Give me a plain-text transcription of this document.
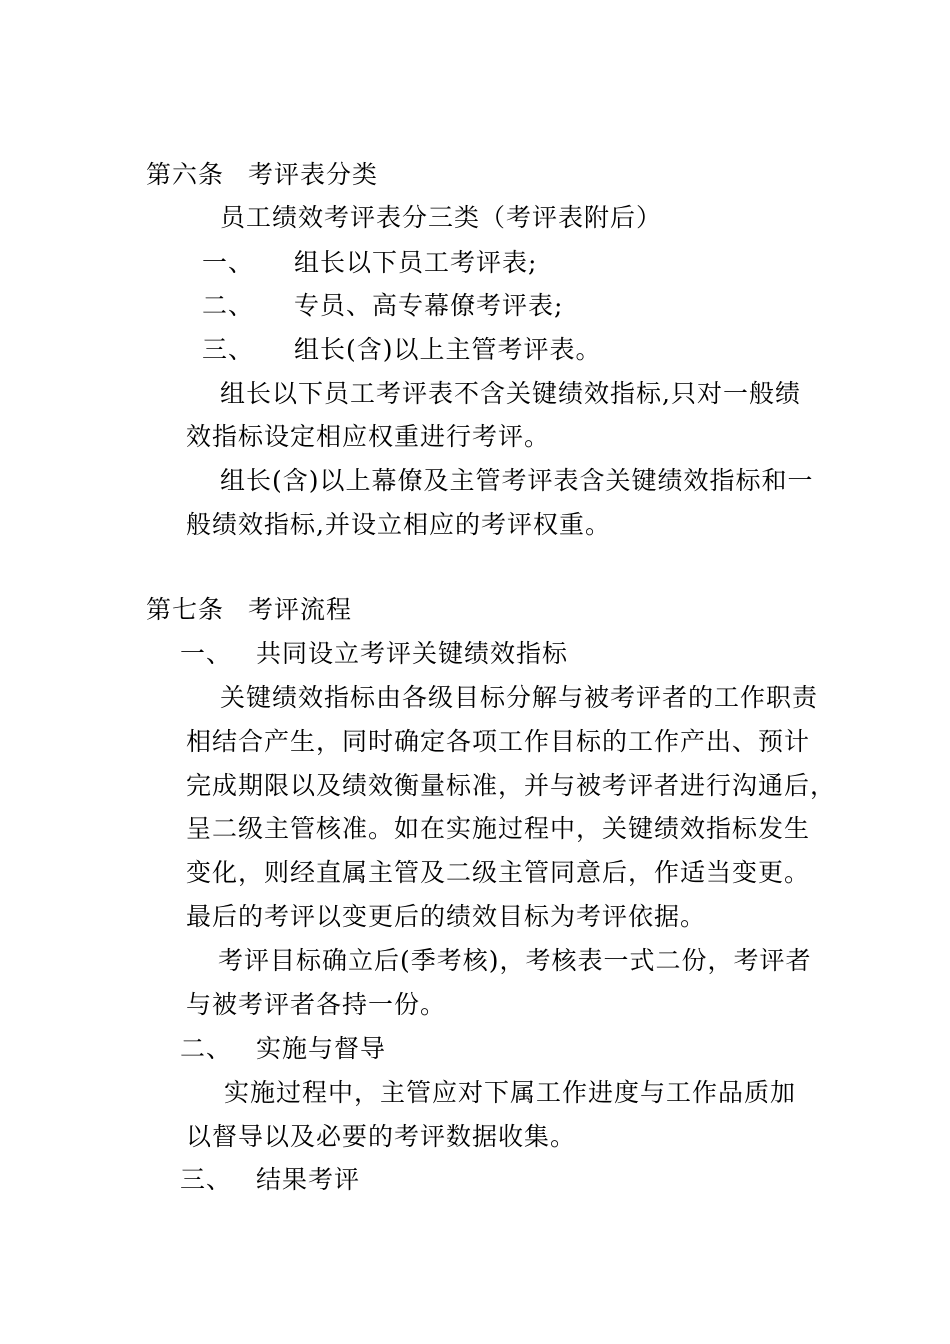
第六条 考评表分类
员工绩效考评表分三类（考评表附后）
一、 组长以下员工考评表;
二、 专员、高专幕僚考评表;
三、 组长(含)以上主管考评表。
组长以下员工考评表不含关键绩效指标,只对一般绩
效指标设定相应权重进行考评。
组长(含)以上幕僚及主管考评表含关键绩效指标和一
般绩效指标,并设立相应的考评权重。
第七条 考评流程
一、 共同设立考评关键绩效指标
关键绩效指标由各级目标分解与被考评者的工作职责
相结合产生，同时确定各项工作目标的工作产出、预计
完成期限以及绩效衡量标准，并与被考评者进行沟通后，
呈二级主管核准。如在实施过程中，关键绩效指标发生
变化，则经直属主管及二级主管同意后，作适当变更。
最后的考评以变更后的绩效目标为考评依据。
考评目标确立后(季考核)，考核表一式二份，考评者
与被考评者各持一份。
二、 实施与督导
实施过程中，主管应对下属工作进度与工作品质加
以督导以及必要的考评数据收集。
三、 结果考评
